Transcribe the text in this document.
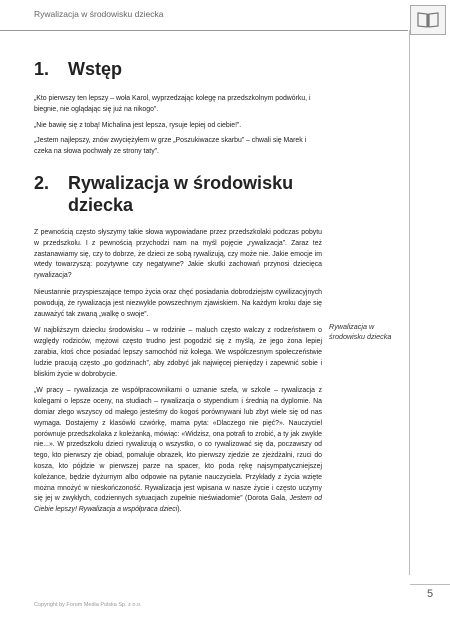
Rywalizacja w środowisku dziecka
1. Wstęp

„Kto pierwszy ten lepszy – woła Karol, wyprzedzając kolegę na przedszkolnym podwórku, i biegnie, nie oglądając się już na nikogo”.

„Nie bawię się z tobą! Michalina jest lepsza, rysuje lepiej od ciebie!”.

„Jestem najlepszy, znów zwyciężyłem w grze „Poszukiwacze skarbu” – chwali się Marek i czeka na słowa pochwały ze strony taty”.

2. Rywalizacja w środowisku
dziecka

Z pewnością często słyszymy takie słowa wypowiadane przez przedszkolaki podczas pobytu w przedszkolu. I z pewnością przychodzi nam na myśl pojęcie „rywalizacja”. Zaraz też zastanawiamy się, czy to dobrze, że dzieci ze sobą rywalizują, czy może nie. Jakie emocje im wtedy towarzyszą: pozytywne czy negatywne? Jakie skutki zachowań przynosi dziecięca rywalizacja?

Nieustannie przyspieszające tempo życia oraz chęć posiadania dobrodziejstw cywilizacyjnych powodują, że rywalizacja jest niezwykle powszechnym zjawiskiem. Na każdym kroku daje się zauważyć tak zwaną „walkę o swoje”.

W najbliższym dziecku środowisku – w rodzinie – maluch często walczy z rodzeństwem o względy rodziców, mężowi często trudno jest pogodzić się z myślą, że jego żona lepiej zarabia, ktoś chce posiadać lepszy samochód niż kolega. We współczesnym społeczeństwie ludzie pracują często „po godzinach”, aby zdobyć jak najwięcej pieniędzy i zapewnić sobie i bliskim życie w dobrobycie.

„W pracy – rywalizacja ze współpracownikami o uznanie szefa, w szkole – rywalizacja z kolegami o lepsze oceny, na studiach – rywalizacja o stypendium i średnią na dyplomie. Na domiar złego wszyscy od małego jesteśmy do kogoś porównywani lub zbyt wiele się od nas wymaga. Dostajemy z klasówki czwórkę, mama pyta: «Dlaczego nie pięć?». Nauczyciel porównuje przedszkolaka z koleżanką, mówiąc: «Widzisz, ona potrafi to zrobić, a ty jak zwykle nie...». W przedszkolu dzieci rywalizują o wszystko, o co rywalizować się da, poczawszy od tego, kto pierwszy zje obiad, pomaluje obrazek, kto pierwszy zjedzie ze zjeżdżalni, rzuci do kosza, kto pójdzie w pierwszej parze na spacer, kto poda rękę najsympatyczniejszej koleżance, będzie dyżurnym albo odpowie na pytanie nauczyciela. Przykłady z życia wzięte można mnożyć w nieskończoność. Rywalizacja jest wpisana w nasze życie i często uczymy się jej w zwykłych, codziennych sytuacjach zupełnie nieświadomie” (Dorota Gala, Jestem od Ciebie lepszy! Rywalizacja a współpraca dzieci).

Rywalizacja w środowisku dziecka
5
Copyright by Forum Media Polska Sp. z o.o.
